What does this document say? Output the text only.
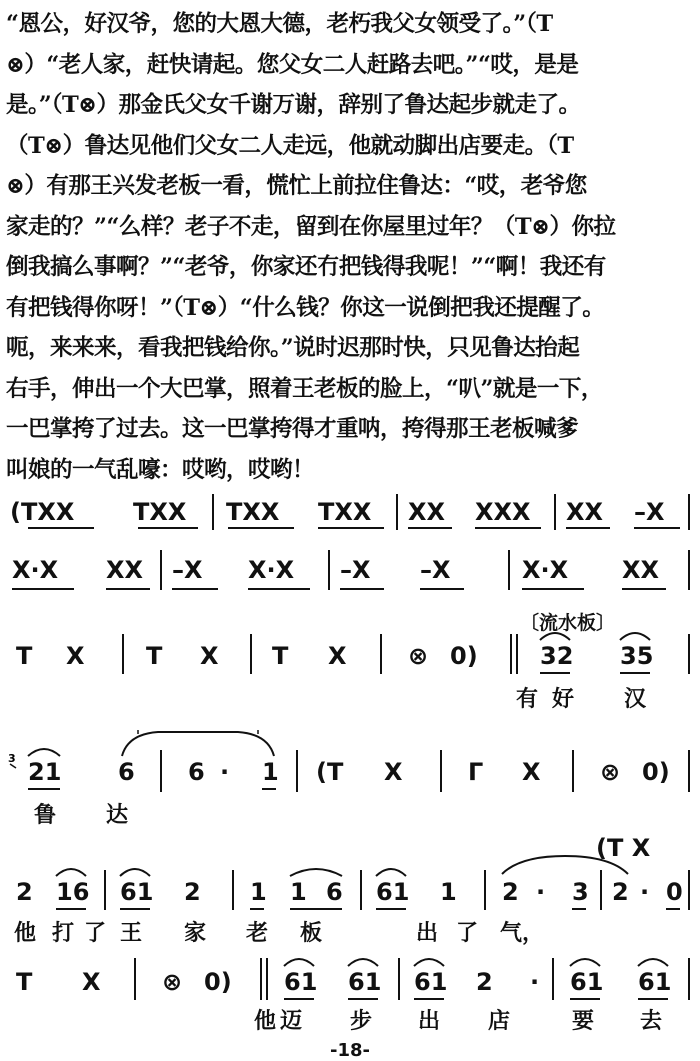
“恩公，好汉爷，您的大恩大德，老朽我父女领受了。”（T
⊗）“老人家，赶快请起。您父女二人赶路去吧。”“哎，是是
是。”（T⊗）那金氏父女千谢万谢，辞别了鲁达起步就走了。
（T⊗）鲁达见他们父女二人走远，他就动脚出店要走。（T
⊗）有那王兴发老板一看，慌忙上前拉住鲁达：“哎，老爷您
家走的？”“么样？老子不走，留到在你屋里过年？（T⊗）你拉
倒我搞么事啊？”“老爷，你家还冇把钱得我呢！”“啊！我还有
有把钱得你呀！”（T⊗）“什么钱？你这一说倒把我还提醒了。
呃，来来来，看我把钱给你。”说时迟那时快，只见鲁达抬起
右手，伸出一个大巴掌，照着王老板的脸上，“叭”就是一下，
一巴掌挎了过去。这一巴掌挎得才重呐，挎得那王老板喊爹
叫娘的一气乱嚎：哎哟，哎哟！
(TXX TXX TXX TXX XX XXX XX –X
X·X XX –X X·X –X –X	X·X XX
T X	T X T X	⊗ 0)
〔流水板〕
32 35
有 好 汉
3 21 6 6 · 1 (T X	Γ X ⊗ 0)
鲁 达
(T X
2 16 61 2 1 1 6 61 1 2 · 3 2 · 0
他 打 了 王 家 老 板	出 了 气，
T X	⊗ 0) 61 61 61 2 · 61 61
他 迈 步 出 店	要 去
-18-
